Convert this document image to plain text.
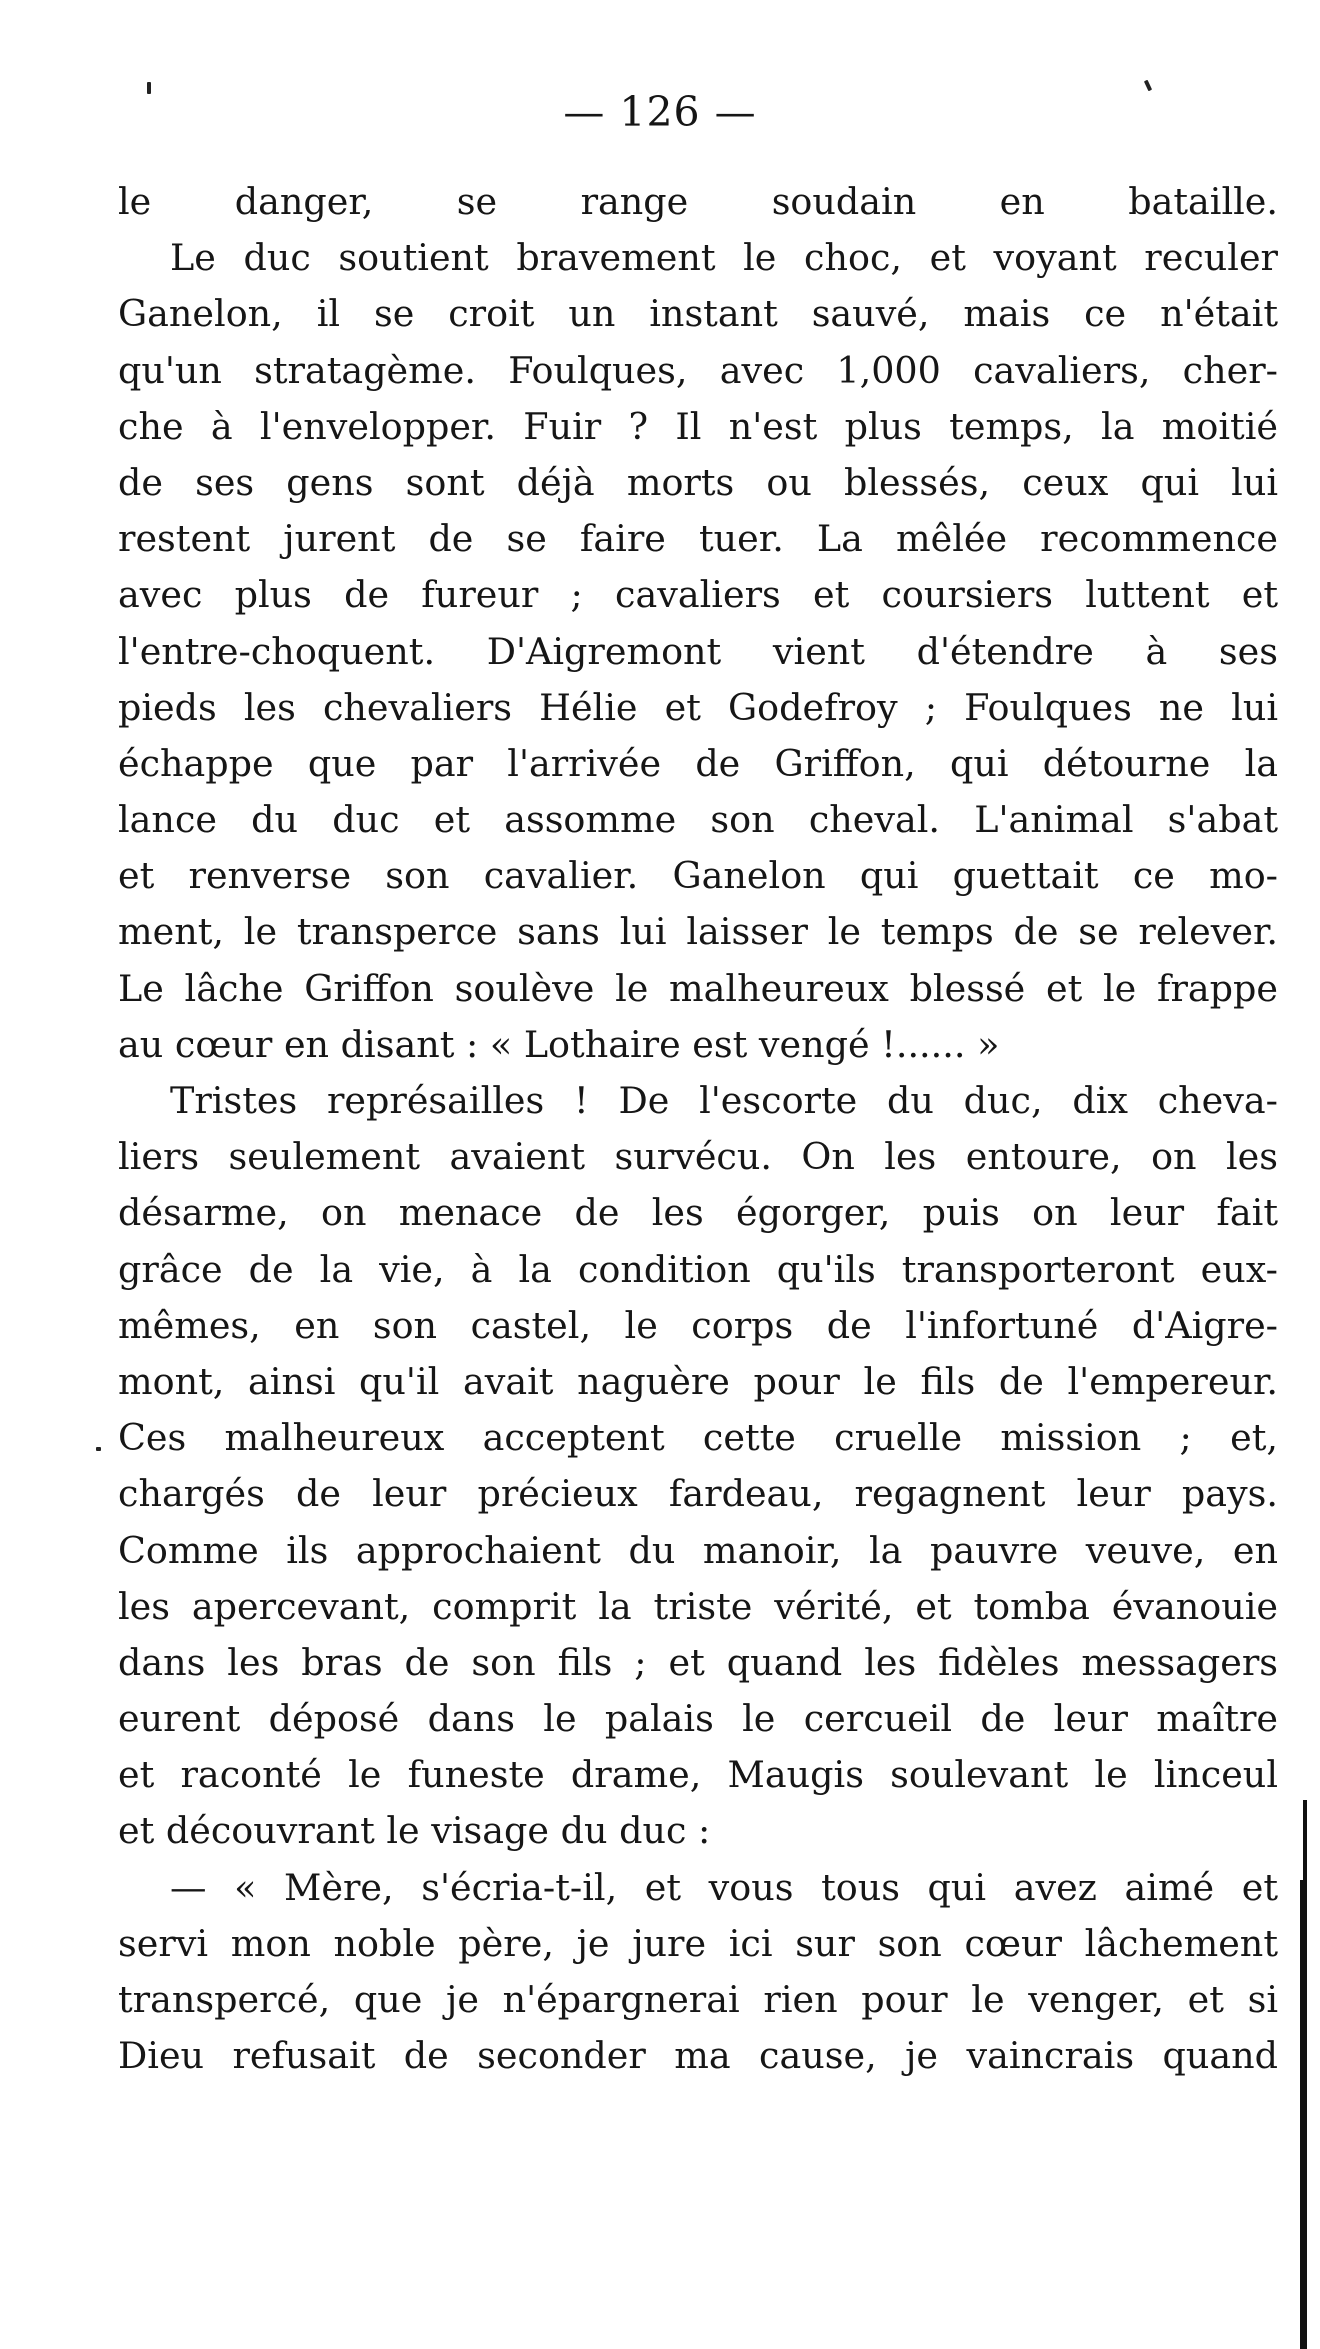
— 126 —
le danger, se range soudain en bataille.
Le duc soutient bravement le choc, et voyant reculer
Ganelon, il se croit un instant sauvé, mais ce n'était
qu'un stratagème. Foulques, avec 1,000 cavaliers, cher-
che à l'envelopper. Fuir ? Il n'est plus temps, la moitié
de ses gens sont déjà morts ou blessés, ceux qui lui
restent jurent de se faire tuer. La mêlée recommence
avec plus de fureur ; cavaliers et coursiers luttent et
l'entre-choquent. D'Aigremont vient d'étendre à ses
pieds les chevaliers Hélie et Godefroy ; Foulques ne lui
échappe que par l'arrivée de Griffon, qui détourne la
lance du duc et assomme son cheval. L'animal s'abat
et renverse son cavalier. Ganelon qui guettait ce mo-
ment, le transperce sans lui laisser le temps de se relever.
Le lâche Griffon soulève le malheureux blessé et le frappe
au cœur en disant : « Lothaire est vengé !...... »
Tristes représailles ! De l'escorte du duc, dix cheva-
liers seulement avaient survécu. On les entoure, on les
désarme, on menace de les égorger, puis on leur fait
grâce de la vie, à la condition qu'ils transporteront eux-
mêmes, en son castel, le corps de l'infortuné d'Aigre-
mont, ainsi qu'il avait naguère pour le fils de l'empereur.
Ces malheureux acceptent cette cruelle mission ; et,
chargés de leur précieux fardeau, regagnent leur pays.
Comme ils approchaient du manoir, la pauvre veuve, en
les apercevant, comprit la triste vérité, et tomba évanouie
dans les bras de son fils ; et quand les fidèles messagers
eurent déposé dans le palais le cercueil de leur maître
et raconté le funeste drame, Maugis soulevant le linceul
et découvrant le visage du duc :
— « Mère, s'écria-t-il, et vous tous qui avez aimé et
servi mon noble père, je jure ici sur son cœur lâchement
transpercé, que je n'épargnerai rien pour le venger, et si
Dieu refusait de seconder ma cause, je vaincrais quand
